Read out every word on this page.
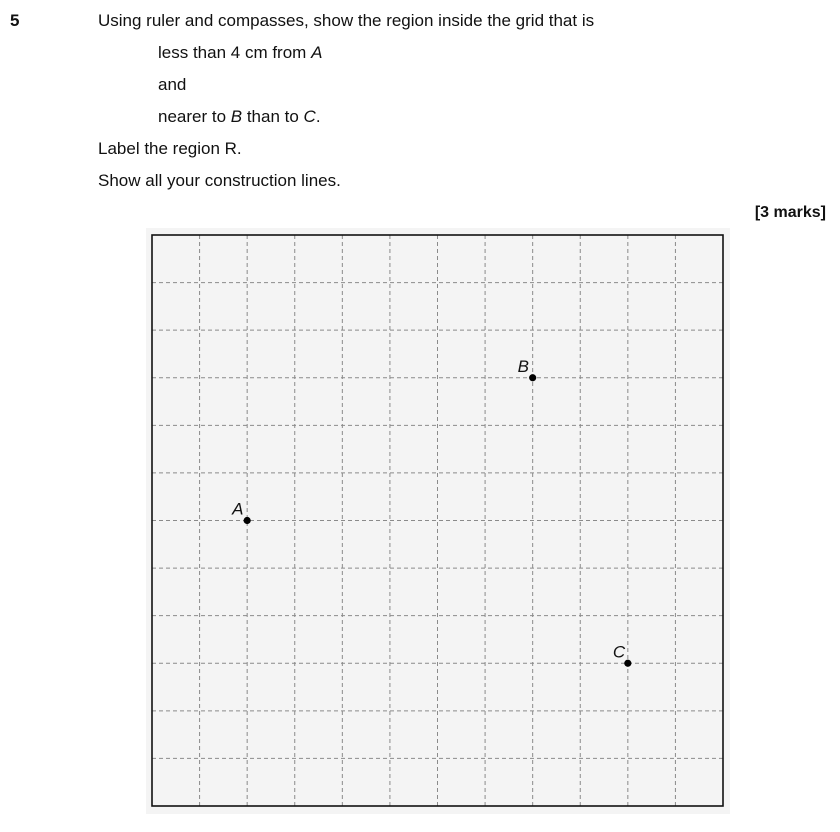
5	Using ruler and compasses, show the region inside the grid that is
less than 4 cm from A
and
nearer to B than to C.
Label the region R.
Show all your construction lines.
[3 marks]
A
B
C
